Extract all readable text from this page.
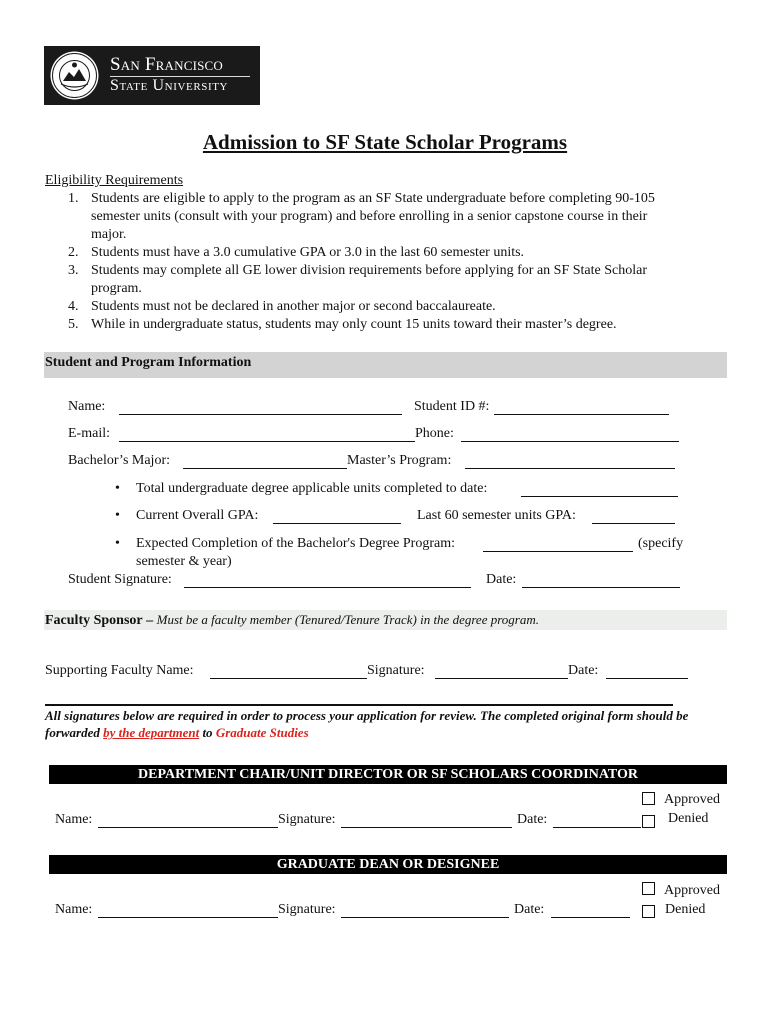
San Francisco
State University
Admission to SF State Scholar Programs
Eligibility Requirements
1. Students are eligible to apply to the program as an SF State undergraduate before completing 90-105
semester units (consult with your program) and before enrolling in a senior capstone course in their
major.
2. Students must have a 3.0 cumulative GPA or 3.0 in the last 60 semester units.
3. Students may complete all GE lower division requirements before applying for an SF State Scholar
program.
4. Students must not be declared in another major or second baccalaureate.
5. While in undergraduate status, students may only count 15 units toward their master’s degree.
Student and Program Information
Name:	Student ID #:
E-mail:	Phone:
Bachelor’s Major:	Master’s Program:
• Total undergraduate degree applicable units completed to date:
• Current Overall GPA:	Last 60 semester units GPA:
• Expected Completion of the Bachelor's Degree Program:	(specify
semester & year)
Student Signature:	Date:
Faculty Sponsor – Must be a faculty member (Tenured/Tenure Track) in the degree program.
Supporting Faculty Name:	Signature:	Date:
All signatures below are required in order to process your application for review. The completed original form should be forwarded by the department to Graduate Studies
DEPARTMENT CHAIR/UNIT DIRECTOR OR SF SCHOLARS COORDINATOR
Approved
Denied
Name:	Signature:	Date:
GRADUATE DEAN OR DESIGNEE
Approved
Denied
Name:	Signature:	Date:
